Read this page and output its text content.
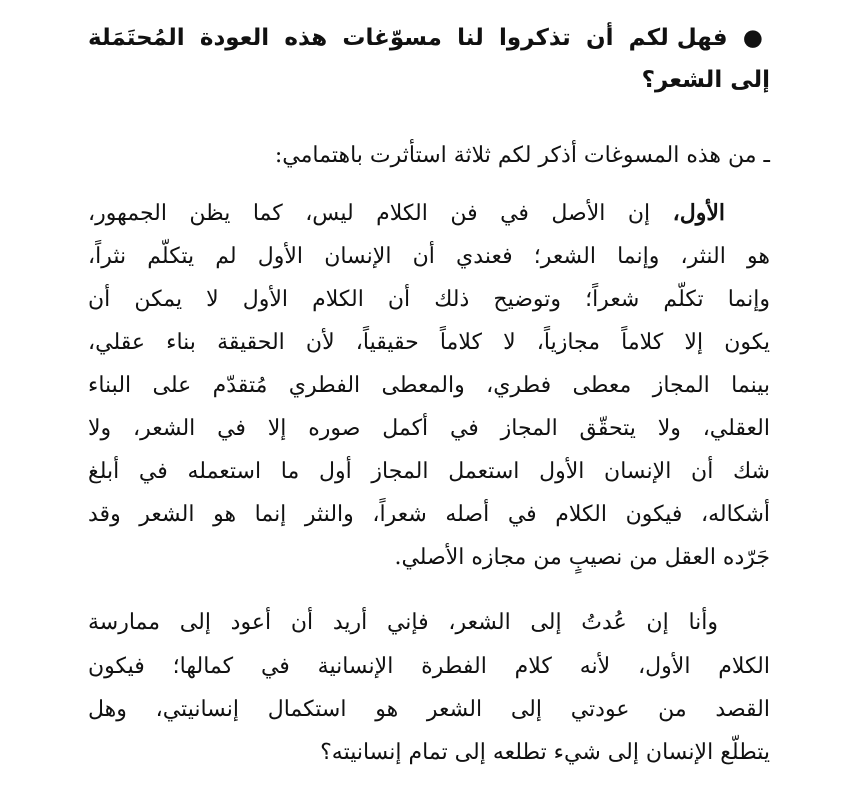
● فهل لكم أن تذكروا لنا مسوّغات هذه العودة المُحتَمَلة
إلى الشعر؟
ـ من هذه المسوغات أذكر لكم ثلاثة استأثرت باهتمامي:
الأول، إن الأصل في فن الكلام ليس، كما يظن الجمهور،
هو النثر، وإنما الشعر؛ فعندي أن الإنسان الأول لم يتكلّم نثراً،
وإنما تكلّم شعراً؛ وتوضيح ذلك أن الكلام الأول لا يمكن أن
يكون إلا كلاماً مجازياً، لا كلاماً حقيقياً، لأن الحقيقة بناء عقلي،
بينما المجاز معطى فطري، والمعطى الفطري مُتقدّم على البناء
العقلي، ولا يتحقّق المجاز في أكمل صوره إلا في الشعر، ولا
شك أن الإنسان الأول استعمل المجاز أول ما استعمله في أبلغ
أشكاله، فيكون الكلام في أصله شعراً، والنثر إنما هو الشعر وقد
جَرّده العقل من نصيبٍ من مجازه الأصلي.
وأنا إن عُدتُ إلى الشعر، فإني أريد أن أعود إلى ممارسة
الكلام الأول، لأنه كلام الفطرة الإنسانية في كمالها؛ فيكون
القصد من عودتي إلى الشعر هو استكمال إنسانيتي، وهل
يتطلّع الإنسان إلى شيء تطلعه إلى تمام إنسانيته؟
